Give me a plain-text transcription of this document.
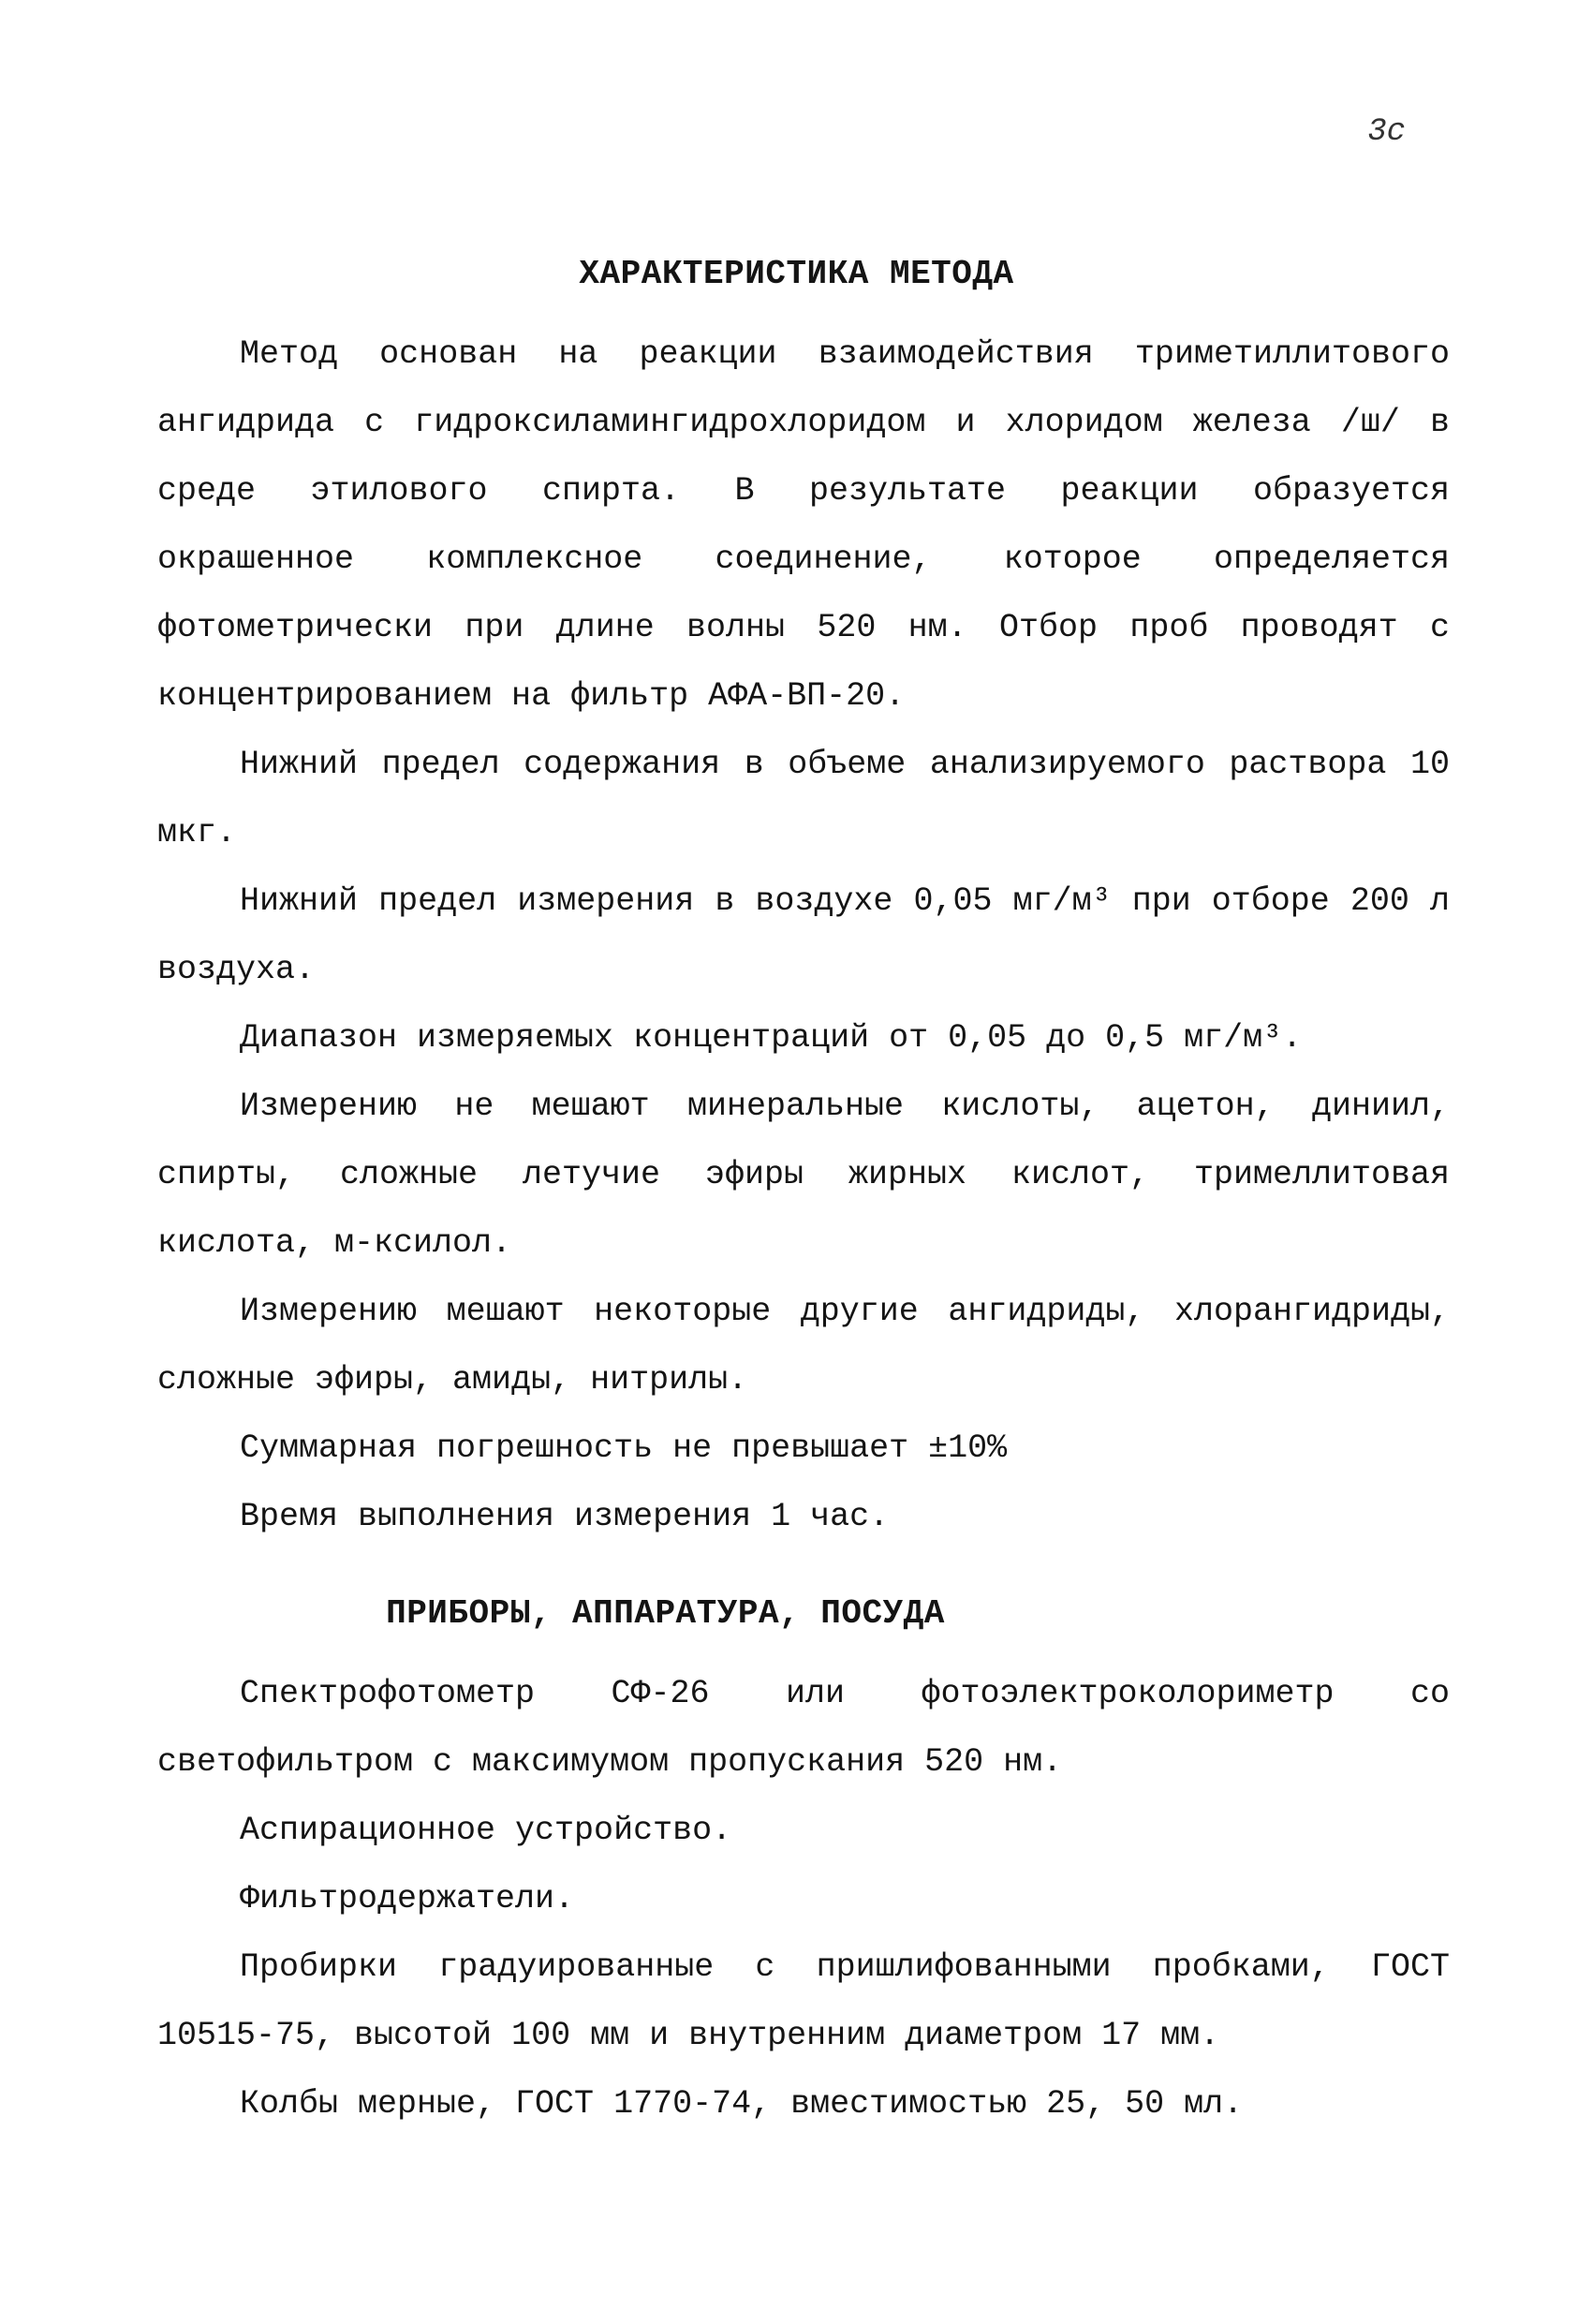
3c
ХАРАКТЕРИСТИКА МЕТОДА

Метод основан на реакции взаимодействия триметиллитового ангидрида с гидроксиламингидрохлоридом и хлоридом железа /ш/ в среде этилового спирта. В результате реакции образуется окрашенное комплексное соединение, которое определяется фотометрически при длине волны 520 нм. Отбор проб проводят с концентрированием на фильтр АФА-ВП-20.

Нижний предел содержания в объеме анализируемого раствора 10 мкг.

Нижний предел измерения в воздухе 0,05 мг/м³ при отборе 200 л воздуха.

Диапазон измеряемых концентраций от 0,05 до 0,5 мг/м³.

Измерению не мешают минеральные кислоты, ацетон, диниил, спирты, сложные летучие эфиры жирных кислот, тримеллитовая кислота, м-ксилол.

Измерению мешают некоторые другие ангидриды, хлорангидриды, сложные эфиры, амиды, нитрилы.

Суммарная погрешность не превышает ±10%

Время выполнения измерения 1 час.

ПРИБОРЫ, АППАРАТУРА, ПОСУДА

Спектрофотометр СФ-26 или фотоэлектроколориметр со светофильтром с максимумом пропускания 520 нм.

Аспирационное устройство.

Фильтродержатели.

Пробирки градуированные с пришлифованными пробками, ГОСТ 10515-75, высотой 100 мм и внутренним диаметром 17 мм.

Колбы мерные, ГОСТ 1770-74, вместимостью 25, 50 мл.
